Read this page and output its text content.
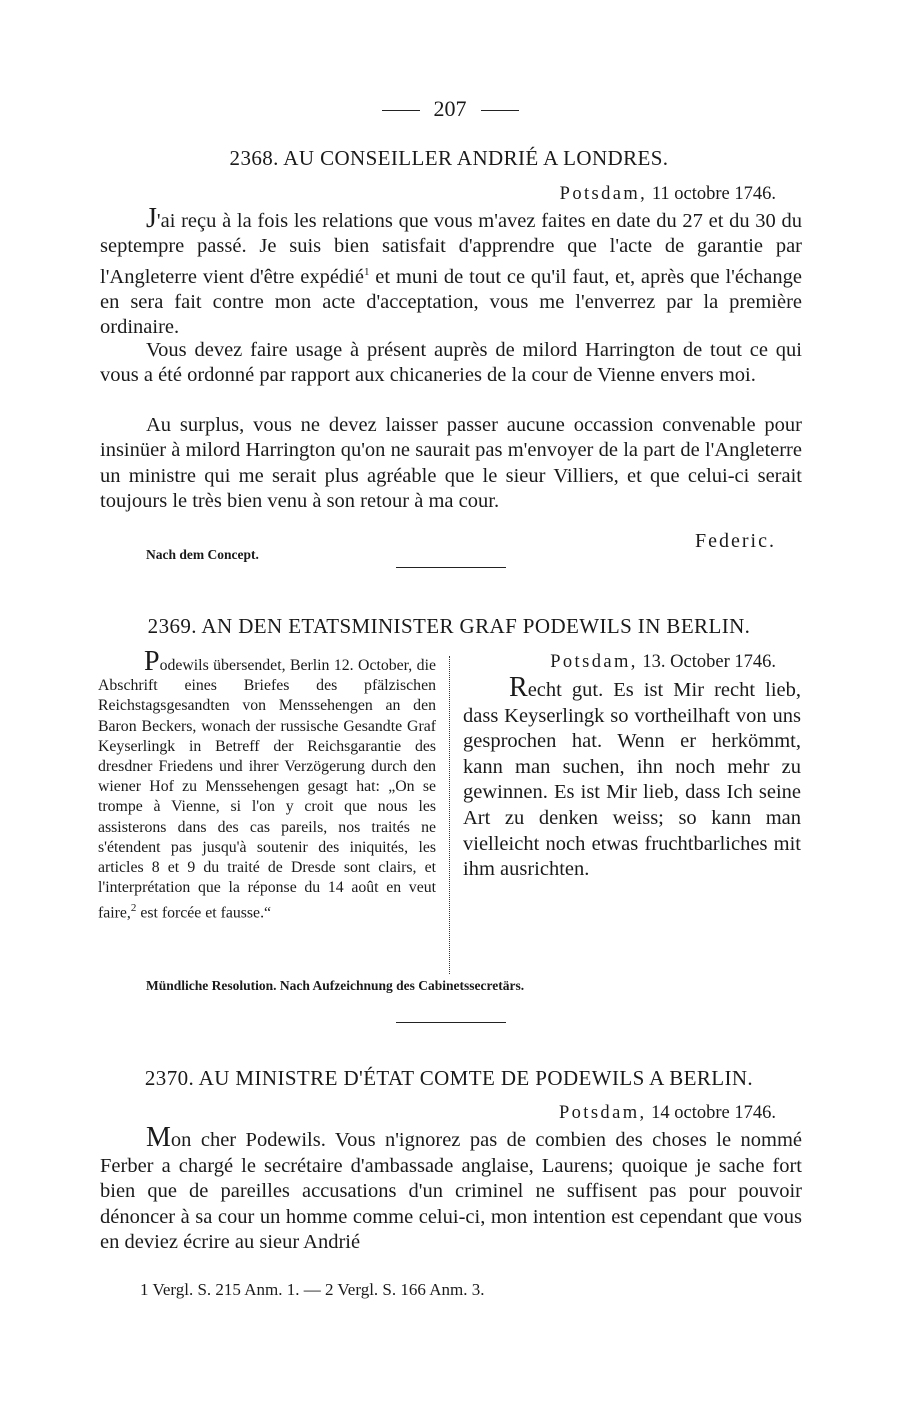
207
2368. AU CONSEILLER ANDRIÉ A LONDRES.
Potsdam, 11 octobre 1746.

J'ai reçu à la fois les relations que vous m'avez faites en date du 27 et du 30 du septempre passé. Je suis bien satisfait d'apprendre que l'acte de garantie par l'Angleterre vient d'être expédié$^1$ et muni de tout ce qu'il faut, et, après que l'échange en sera fait contre mon acte d'acceptation, vous me l'enverrez par la première ordinaire.

Vous devez faire usage à présent auprès de milord Harrington de tout ce qui vous a été ordonné par rapport aux chicaneries de la cour de Vienne envers moi.

Au surplus, vous ne devez laisser passer aucune occassion convenable pour insinüer à milord Harrington qu'on ne saurait pas m'envoyer de la part de l'Angleterre un ministre qui me serait plus agréable que le sieur Villiers, et que celui-ci serait toujours le très bien venu à son retour à ma cour.

Federic.
Nach dem Concept.
2369. AN DEN ETATSMINISTER GRAF PODEWILS IN BERLIN.

Podewils übersendet, Berlin 12. October, die Abschrift eines Briefes des pfälzischen Reichstagsgesandten von Menssehengen an den Baron Beckers, wonach der russische Gesandte Graf Keyserlingk in Betreff der Reichsgarantie des dresdner Friedens und ihrer Verzögerung durch den wiener Hof zu Menssehengen gesagt hat: „On se trompe à Vienne, si l'on y croit que nous les assisterons dans des cas pareils, nos traités ne s'étendent pas jusqu'à soutenir des iniquités, les articles 8 et 9 du traité de Dresde sont clairs, et l'interprétation que la réponse du 14 août en veut faire,$^2$ est forcée et fausse.“

Potsdam, 13. October 1746.

Recht gut. Es ist Mir recht lieb, dass Keyserlingk so vortheilhaft von uns gesprochen hat. Wenn er herkömmt, kann man suchen, ihn noch mehr zu gewinnen. Es ist Mir lieb, dass Ich seine Art zu denken weiss; so kann man vielleicht noch etwas fruchtbarliches mit ihm ausrichten.

Mündliche Resolution. Nach Aufzeichnung des Cabinetssecretärs.
2370. AU MINISTRE D'ÉTAT COMTE DE PODEWILS A BERLIN.
Potsdam, 14 octobre 1746.

Mon cher Podewils. Vous n'ignorez pas de combien des choses le nommé Ferber a chargé le secrétaire d'ambassade anglaise, Laurens; quoique je sache fort bien que de pareilles accusations d'un criminel ne suffisent pas pour pouvoir dénoncer à sa cour un homme comme celui-ci, mon intention est cependant que vous en deviez écrire au sieur Andrié

1 Vergl. S. 215 Anm. 1. — 2 Vergl. S. 166 Anm. 3.
